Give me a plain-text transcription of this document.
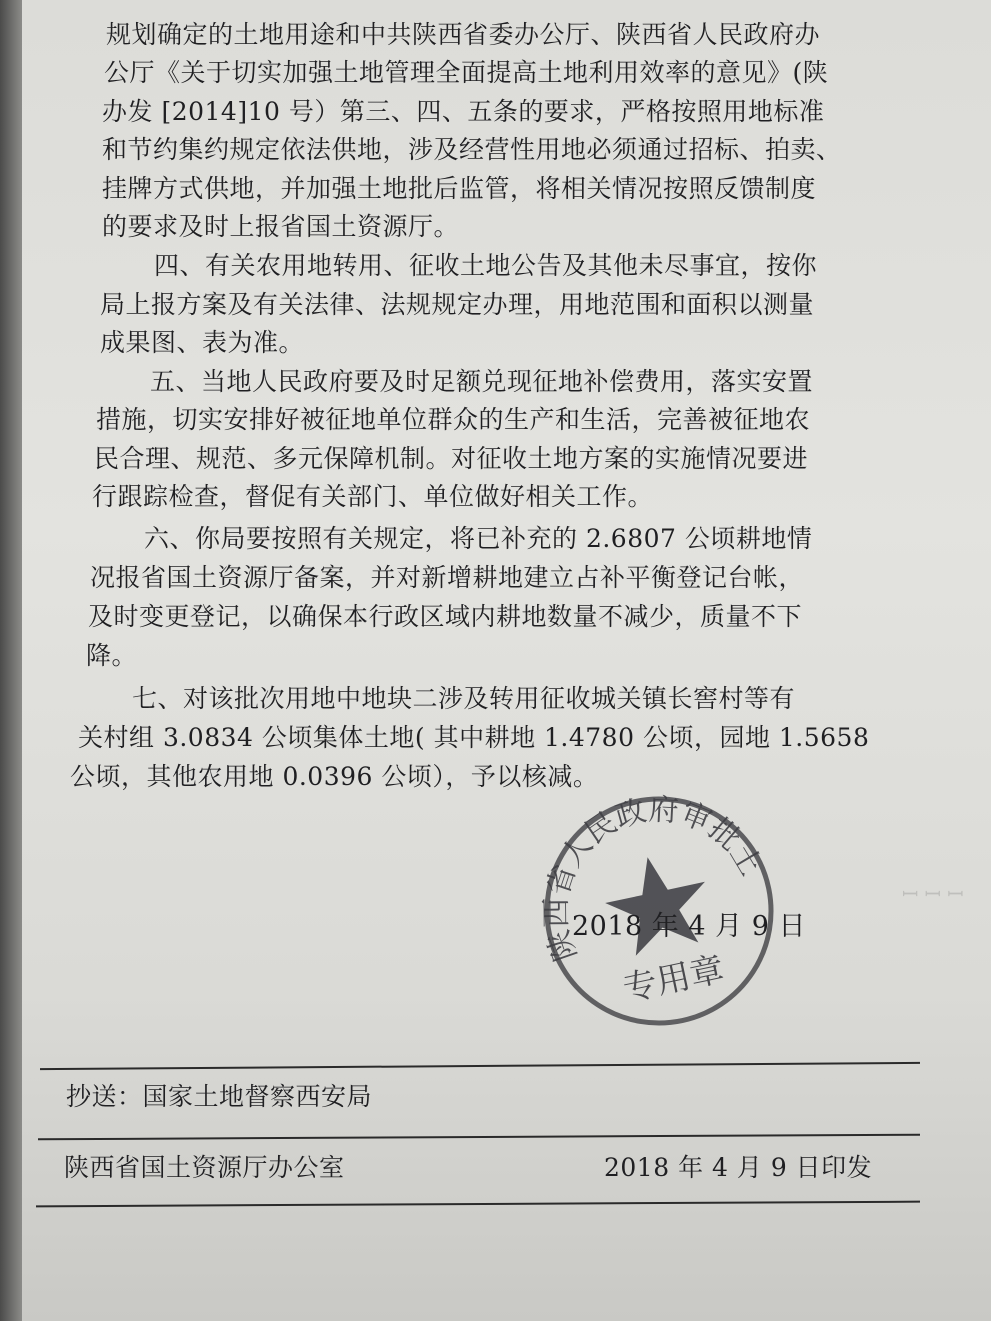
ꟷ ꟷ ꟷ
规划确定的土地用途和中共陕西省委办公厅、陕西省人民政府办
公厅《关于切实加强土地管理全面提高土地利用效率的意见》(陕
办发 [2014]10 号）第三、四、五条的要求，严格按照用地标准
和节约集约规定依法供地，涉及经营性用地必须通过招标、拍卖、
挂牌方式供地，并加强土地批后监管，将相关情况按照反馈制度
的要求及时上报省国土资源厅。
四、有关农用地转用、征收土地公告及其他未尽事宜，按你
局上报方案及有关法律、法规规定办理，用地范围和面积以测量
成果图、表为准。
五、当地人民政府要及时足额兑现征地补偿费用，落实安置
措施，切实安排好被征地单位群众的生产和生活，完善被征地农
民合理、规范、多元保障机制。对征收土地方案的实施情况要进
行跟踪检查，督促有关部门、单位做好相关工作。
六、你局要按照有关规定，将已补充的 2.6807 公顷耕地情
况报省国土资源厅备案，并对新增耕地建立占补平衡登记台帐，
及时变更登记，以确保本行政区域内耕地数量不减少，质量不下
降。
七、对该批次用地中地块二涉及转用征收城关镇长窖村等有
关村组 3.0834 公顷集体土地( 其中耕地 1.4780 公顷，园地 1.5658
公顷，其他农用地 0.0396 公顷），予以核减。
陕西省人民政府审批土地
专用章
2018 年 4 月 9 日
抄送：国家土地督察西安局
陕西省国土资源厅办公室	2018 年 4 月 9 日印发
